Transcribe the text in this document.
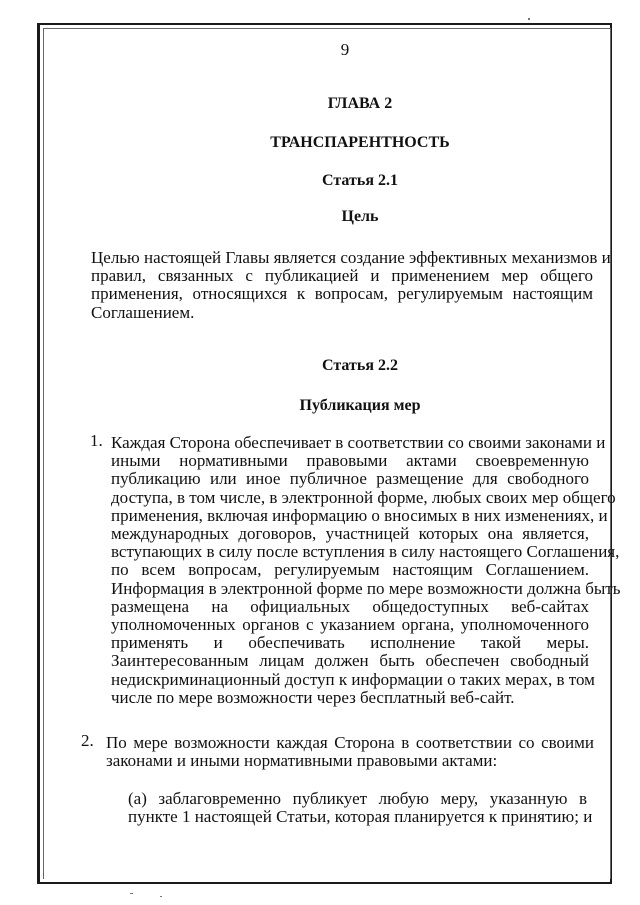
9
ГЛАВА 2
ТРАНСПАРЕНТНОСТЬ
Статья 2.1
Цель
Целью настоящей Главы является создание эффективных механизмов и
правил, связанных с публикацией и применением мер общего
применения, относящихся к вопросам, регулируемым настоящим
Соглашением.
Статья 2.2
Публикация мер
1. Каждая Сторона обеспечивает в соответствии со своими законами и
иными нормативными правовыми актами своевременную
публикацию или иное публичное размещение для свободного
доступа, в том числе, в электронной форме, любых своих мер общего
применения, включая информацию о вносимых в них изменениях, и
международных договоров, участницей которых она является,
вступающих в силу после вступления в силу настоящего Соглашения,
по всем вопросам, регулируемым настоящим Соглашением.
Информация в электронной форме по мере возможности должна быть
размещена на официальных общедоступных веб-сайтах
уполномоченных органов с указанием органа, уполномоченного
применять и обеспечивать исполнение такой меры.
Заинтересованным лицам должен быть обеспечен свободный
недискриминационный доступ к информации о таких мерах, в том
числе по мере возможности через бесплатный веб-сайт.
2. По мере возможности каждая Сторона в соответствии со своими
законами и иными нормативными правовыми актами:
(а) заблаговременно публикует любую меру, указанную в
пункте 1 настоящей Статьи, которая планируется к принятию; и
